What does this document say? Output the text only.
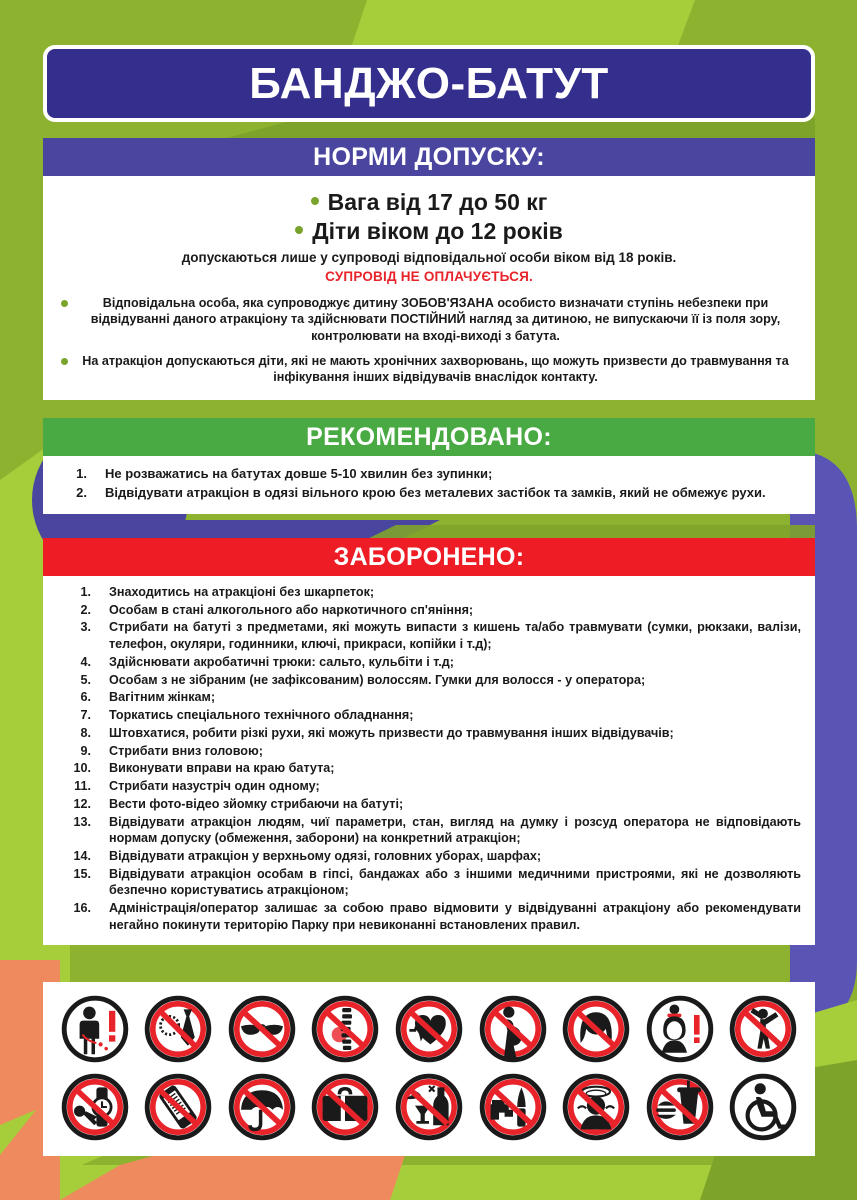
БАНДЖО-БАТУТ
НОРМИ ДОПУСКУ:
Вага від 17 до 50 кг
Діти віком до 12 років
допускаються лише у супроводі відповідальної особи віком від 18 років.
СУПРОВІД НЕ ОПЛАЧУЄТЬСЯ.
Відповідальна особа, яка супроводжує дитину ЗОБОВ'ЯЗАНА особисто визначати ступінь небезпеки при відвідуванні даного атракціону та здійснювати ПОСТІЙНИЙ нагляд за дитиною, не випускаючи її із поля зору, контролювати на вході-виході з батута.
На атракціон допускаються діти, які не мають хронічних захворювань, що можуть призвести до травмування та інфікування інших відвідувачів внаслідок контакту.
РЕКОМЕНДОВАНО:
Не розважатись на батутах довше 5-10 хвилин без зупинки;
Відвідувати атракціон в одязі вільного крою без металевих застібок та замків, який не обмежує рухи.
ЗАБОРОНЕНО:
Знаходитись на атракціоні без шкарпеток;
Особам в стані алкогольного або наркотичного сп'яніння;
Стрибати на батуті з предметами, які можуть випасти з кишень та/або травмувати (сумки, рюкзаки, валізи, телефон, окуляри, годинники, ключі, прикраси, копійки і т.д);
Здійснювати акробатичні трюки: сальто, кульбіти і т.д;
Особам з не зібраним (не зафіксованим) волоссям. Гумки для волосся - у оператора;
Вагітним жінкам;
Торкатись спеціального технічного обладнання;
Штовхатися, робити різкі рухи, які можуть призвести до травмування інших відвідувачів;
Стрибати вниз головою;
Виконувати вправи на краю батута;
Стрибати назустріч один одному;
Вести фото-відео зйомку стрибаючи на батуті;
Відвідувати атракціон людям, чиї параметри, стан, вигляд на думку і розсуд оператора не відповідають нормам допуску (обмеження, заборони) на конкретний атракціон;
Відвідувати атракціон у верхньому одязі, головних уборах, шарфах;
Відвідувати атракціон особам в гіпсі, бандажах або з іншими медичними пристроями, які не дозволяють безпечно користуватись атракціоном;
Адміністрація/оператор залишає за собою право відмовити у відвідуванні атракціону або рекомендувати негайно покинути територію Парку при невиконанні встановлених правил.
